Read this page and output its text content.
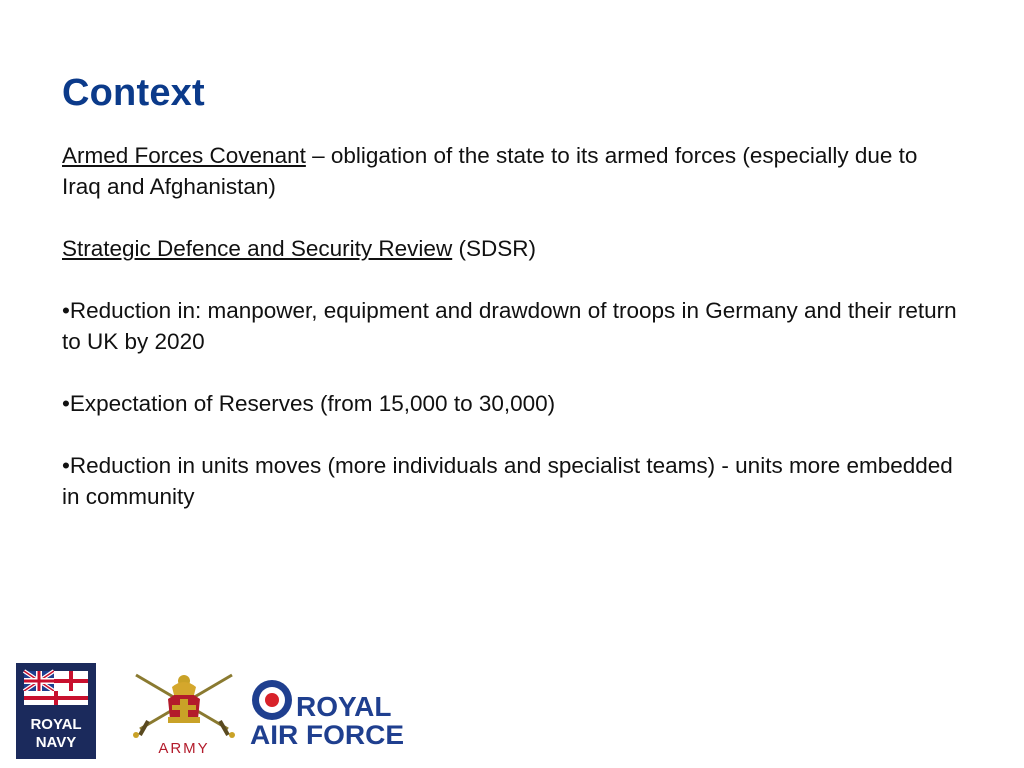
Context

Armed Forces Covenant – obligation of the state to its armed forces (especially due to Iraq and Afghanistan)

Strategic Defence and Security Review (SDSR)

•Reduction in: manpower, equipment and drawdown of troops in Germany and their return to UK by 2020

•Expectation of Reserves (from 15,000 to 30,000)

•Reduction in units moves (more individuals and specialist teams) - units more embedded in community

ROYAL
NAVY	ARMY
ROYAL
AIR FORCE
